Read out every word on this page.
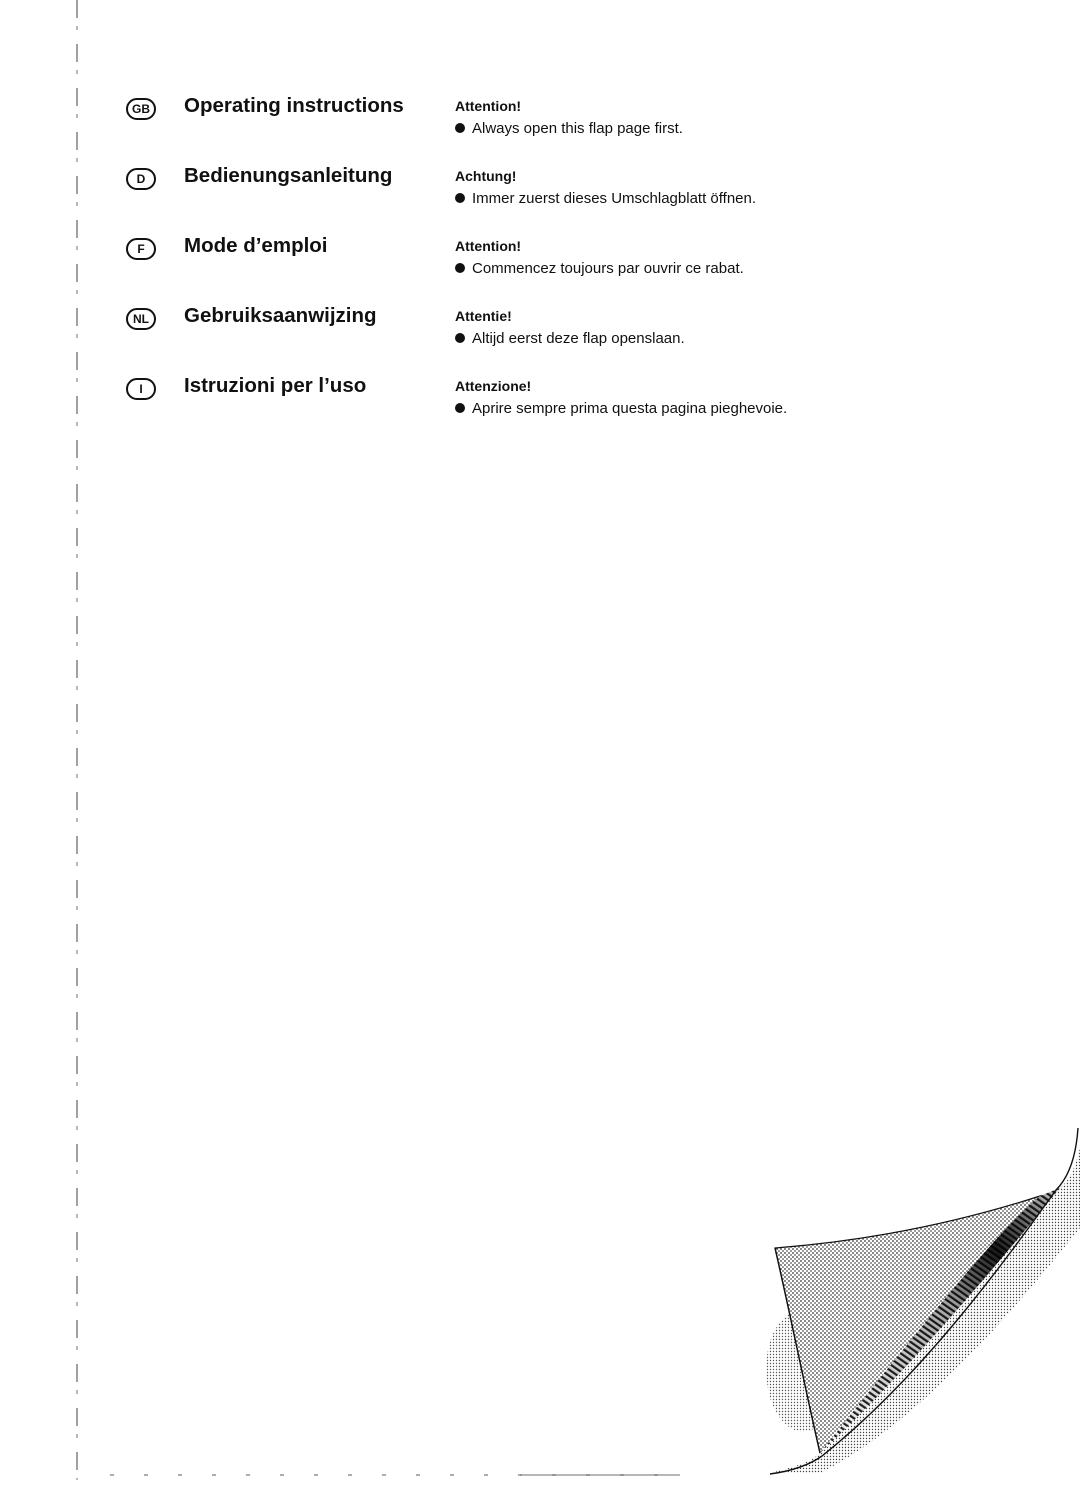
GB Operating instructions	Attention!
Always open this flap page first.
D	Bedienungsanleitung	Achtung!
Immer zuerst dieses Umschlagblatt öffnen.
F	Mode d’emploi	Attention!
Commencez toujours par ouvrir ce rabat.
NL	Gebruiksaanwijzing	Attentie!
Altijd eerst deze flap openslaan.
I	Istruzioni per l’uso	Attenzione!
Aprire sempre prima questa pagina pieghevoie.
